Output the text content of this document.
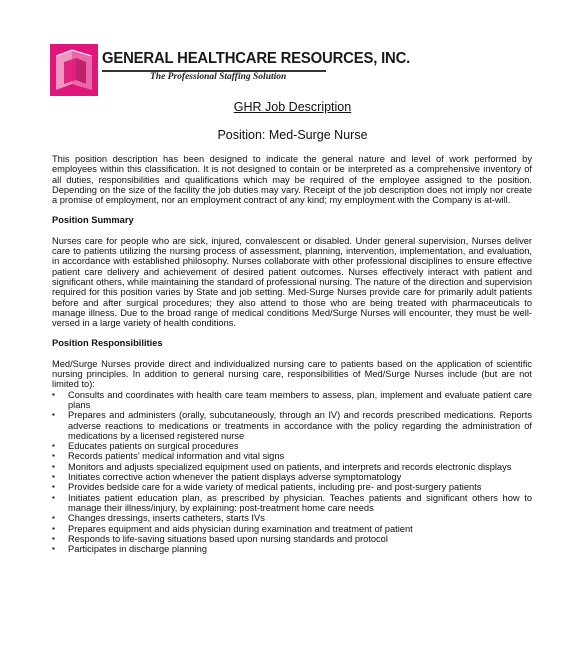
GENERAL HEALTHCARE RESOURCES, INC.
The Professional Staffing Solution
GHR Job Description
Position: Med-Surge Nurse

This position description has been designed to indicate the general nature and level of work performed by employees within this classification. It is not designed to contain or be interpreted as a comprehensive inventory of all duties, responsibilities and qualifications which may be required of the employee assigned to the position. Depending on the size of the facility the job duties may vary. Receipt of the job description does not imply nor create a promise of employment, nor an employment contract of any kind; my employment with the Company is at-will.

Position Summary

Nurses care for people who are sick, injured, convalescent or disabled. Under general supervision, Nurses deliver care to patients utilizing the nursing process of assessment, planning, intervention, implementation, and evaluation, in accordance with established philosophy. Nurses collaborate with other professional disciplines to ensure effective patient care delivery and achievement of desired patient outcomes. Nurses effectively interact with patient and significant others, while maintaining the standard of professional nursing. The nature of the direction and supervision required for this position varies by State and job setting. Med-Surge Nurses provide care for primarily adult patients before and after surgical procedures; they also attend to those who are being treated with pharmaceuticals to manage illness. Due to the broad range of medical conditions Med/Surge Nurses will encounter, they must be well-versed in a large variety of health conditions.

Position Responsibilities

Med/Surge Nurses provide direct and individualized nursing care to patients based on the application of scientific nursing principles. In addition to general nursing care, responsibilities of Med/Surge Nurses include (but are not limited to):

▪ Consults and coordinates with health care team members to assess, plan, implement and evaluate patient care plans
▪ Prepares and administers (orally, subcutaneously, through an IV) and records prescribed medications. Reports adverse reactions to medications or treatments in accordance with the policy regarding the administration of medications by a licensed registered nurse
▪ Educates patients on surgical procedures
▪ Records patients’ medical information and vital signs
▪ Monitors and adjusts specialized equipment used on patients, and interprets and records electronic displays
▪ Initiates corrective action whenever the patient displays adverse symptomatology
▪ Provides bedside care for a wide variety of medical patients, including pre- and post-surgery patients
▪ Initiates patient education plan, as prescribed by physician. Teaches patients and significant others how to manage their illness/injury, by explaining: post-treatment home care needs
▪ Changes dressings, inserts catheters, starts IVs
▪ Prepares equipment and aids physician during examination and treatment of patient
▪ Responds to life-saving situations based upon nursing standards and protocol
▪ Participates in discharge planning
